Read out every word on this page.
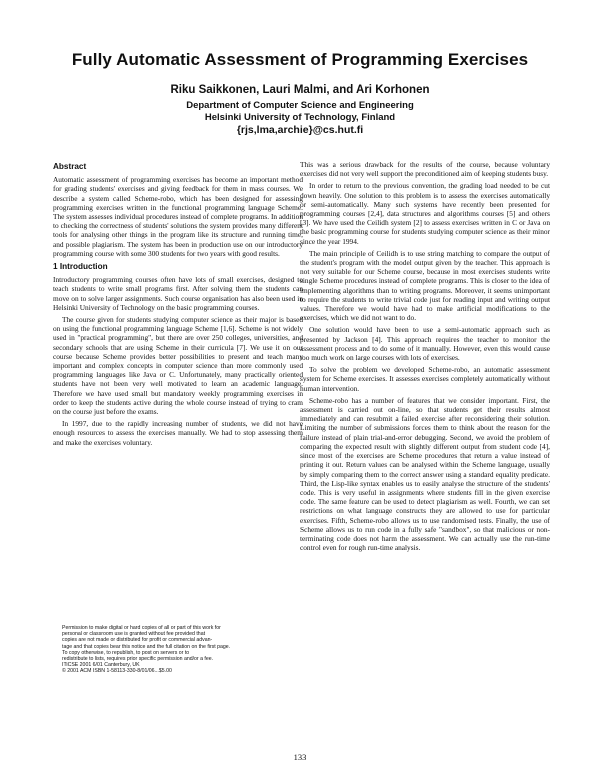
Fully Automatic Assessment of Programming Exercises
Riku Saikkonen, Lauri Malmi, and Ari Korhonen
Department of Computer Science and Engineering
Helsinki University of Technology, Finland
{rjs,lma,archie}@cs.hut.fi
Abstract

Automatic assessment of programming exercises has become an important method for grading students' exercises and giving feedback for them in mass courses. We describe a system called Scheme-robo, which has been designed for assessing programming exercises written in the functional programming language Scheme. The system assesses individual procedures instead of complete programs. In addition to checking the correctness of students' solutions the system provides many different tools for analysing other things in the program like its structure and running time, and possible plagiarism. The system has been in production use on our introductory programming course with some 300 students for two years with good results.

1 Introduction

Introductory programming courses often have lots of small exercises, designed to teach students to write small programs first. After solving them the students can move on to solve larger assignments. Such course organisation has also been used in Helsinki University of Technology on the basic programming courses.

The course given for students studying computer science as their major is based on using the functional programming language Scheme [1,6]. Scheme is not widely used in "practical programming", but there are over 250 colleges, universities, and secondary schools that are using Scheme in their curricula [7]. We use it on our course because Scheme provides better possibilities to present and teach many important and complex concepts in computer science than more commonly used programming languages like Java or C. Unfortunately, many practically oriented students have not been very well motivated to learn an academic language. Therefore we have used small but mandatory weekly programming exercises in order to keep the students active during the whole course instead of trying to cram on the course just before the exams.

In 1997, due to the rapidly increasing number of students, we did not have enough resources to assess the exercises manually. We had to stop assessing them and make the exercises voluntary.

Permission to make digital or hard copies of all or part of this work for
personal or classroom use is granted without fee provided that
copies are not made or distributed for profit or commercial advan-
tage and that copies bear this notice and the full citation on the first page.
To copy otherwise, to republish, to post on servers or to
redistribute to lists, requires prior specific permission and/or a fee.
ITiCSE 2001 6/01 Canterbury, UK
© 2001 ACM ISBN 1-58113-330-8/01/06...$5.00

This was a serious drawback for the results of the course, because voluntary exercises did not very well support the preconditioned aim of keeping students busy.

In order to return to the previous convention, the grading load needed to be cut down heavily. One solution to this problem is to assess the exercises automatically or semi-automatically. Many such systems have recently been presented for programming courses [2,4], data structures and algorithms courses [5] and others [3]. We have used the Ceilidh system [2] to assess exercises written in C or Java on the basic programming course for students studying computer science as their minor since the year 1994.

The main principle of Ceilidh is to use string matching to compare the output of the student's program with the model output given by the teacher. This approach is not very suitable for our Scheme course, because in most exercises students write single Scheme procedures instead of complete programs. This is closer to the idea of implementing algorithms than to writing programs. Moreover, it seems unimportant to require the students to write trivial code just for reading input and writing output values. Therefore we would have had to make artificial modifications to the exercises, which we did not want to do.

One solution would have been to use a semi-automatic approach such as presented by Jackson [4]. This approach requires the teacher to monitor the assessment process and to do some of it manually. However, even this would cause too much work on large courses with lots of exercises.

To solve the problem we developed Scheme-robo, an automatic assessment system for Scheme exercises. It assesses exercises completely automatically without human intervention.

Scheme-robo has a number of features that we consider important. First, the assessment is carried out on-line, so that students get their results almost immediately and can resubmit a failed exercise after reconsidering their solution. Limiting the number of submissions forces them to think about the reason for the failure instead of plain trial-and-error debugging. Second, we avoid the problem of comparing the expected result with slightly different output from student code [4], since most of the exercises are Scheme procedures that return a value instead of printing it out. Return values can be analysed within the Scheme language, usually by simply comparing them to the correct answer using a standard equality predicate. Third, the Lisp-like syntax enables us to easily analyse the structure of the students' code. This is very useful in assignments where students fill in the given exercise code. The same feature can be used to detect plagiarism as well. Fourth, we can set restrictions on what language constructs they are allowed to use for particular exercises. Fifth, Scheme-robo allows us to use randomised tests. Finally, the use of Scheme allows us to run code in a fully safe "sandbox", so that malicious or non-terminating code does not harm the assessment. We can actually use the run-time control even for rough run-time analysis.

133
